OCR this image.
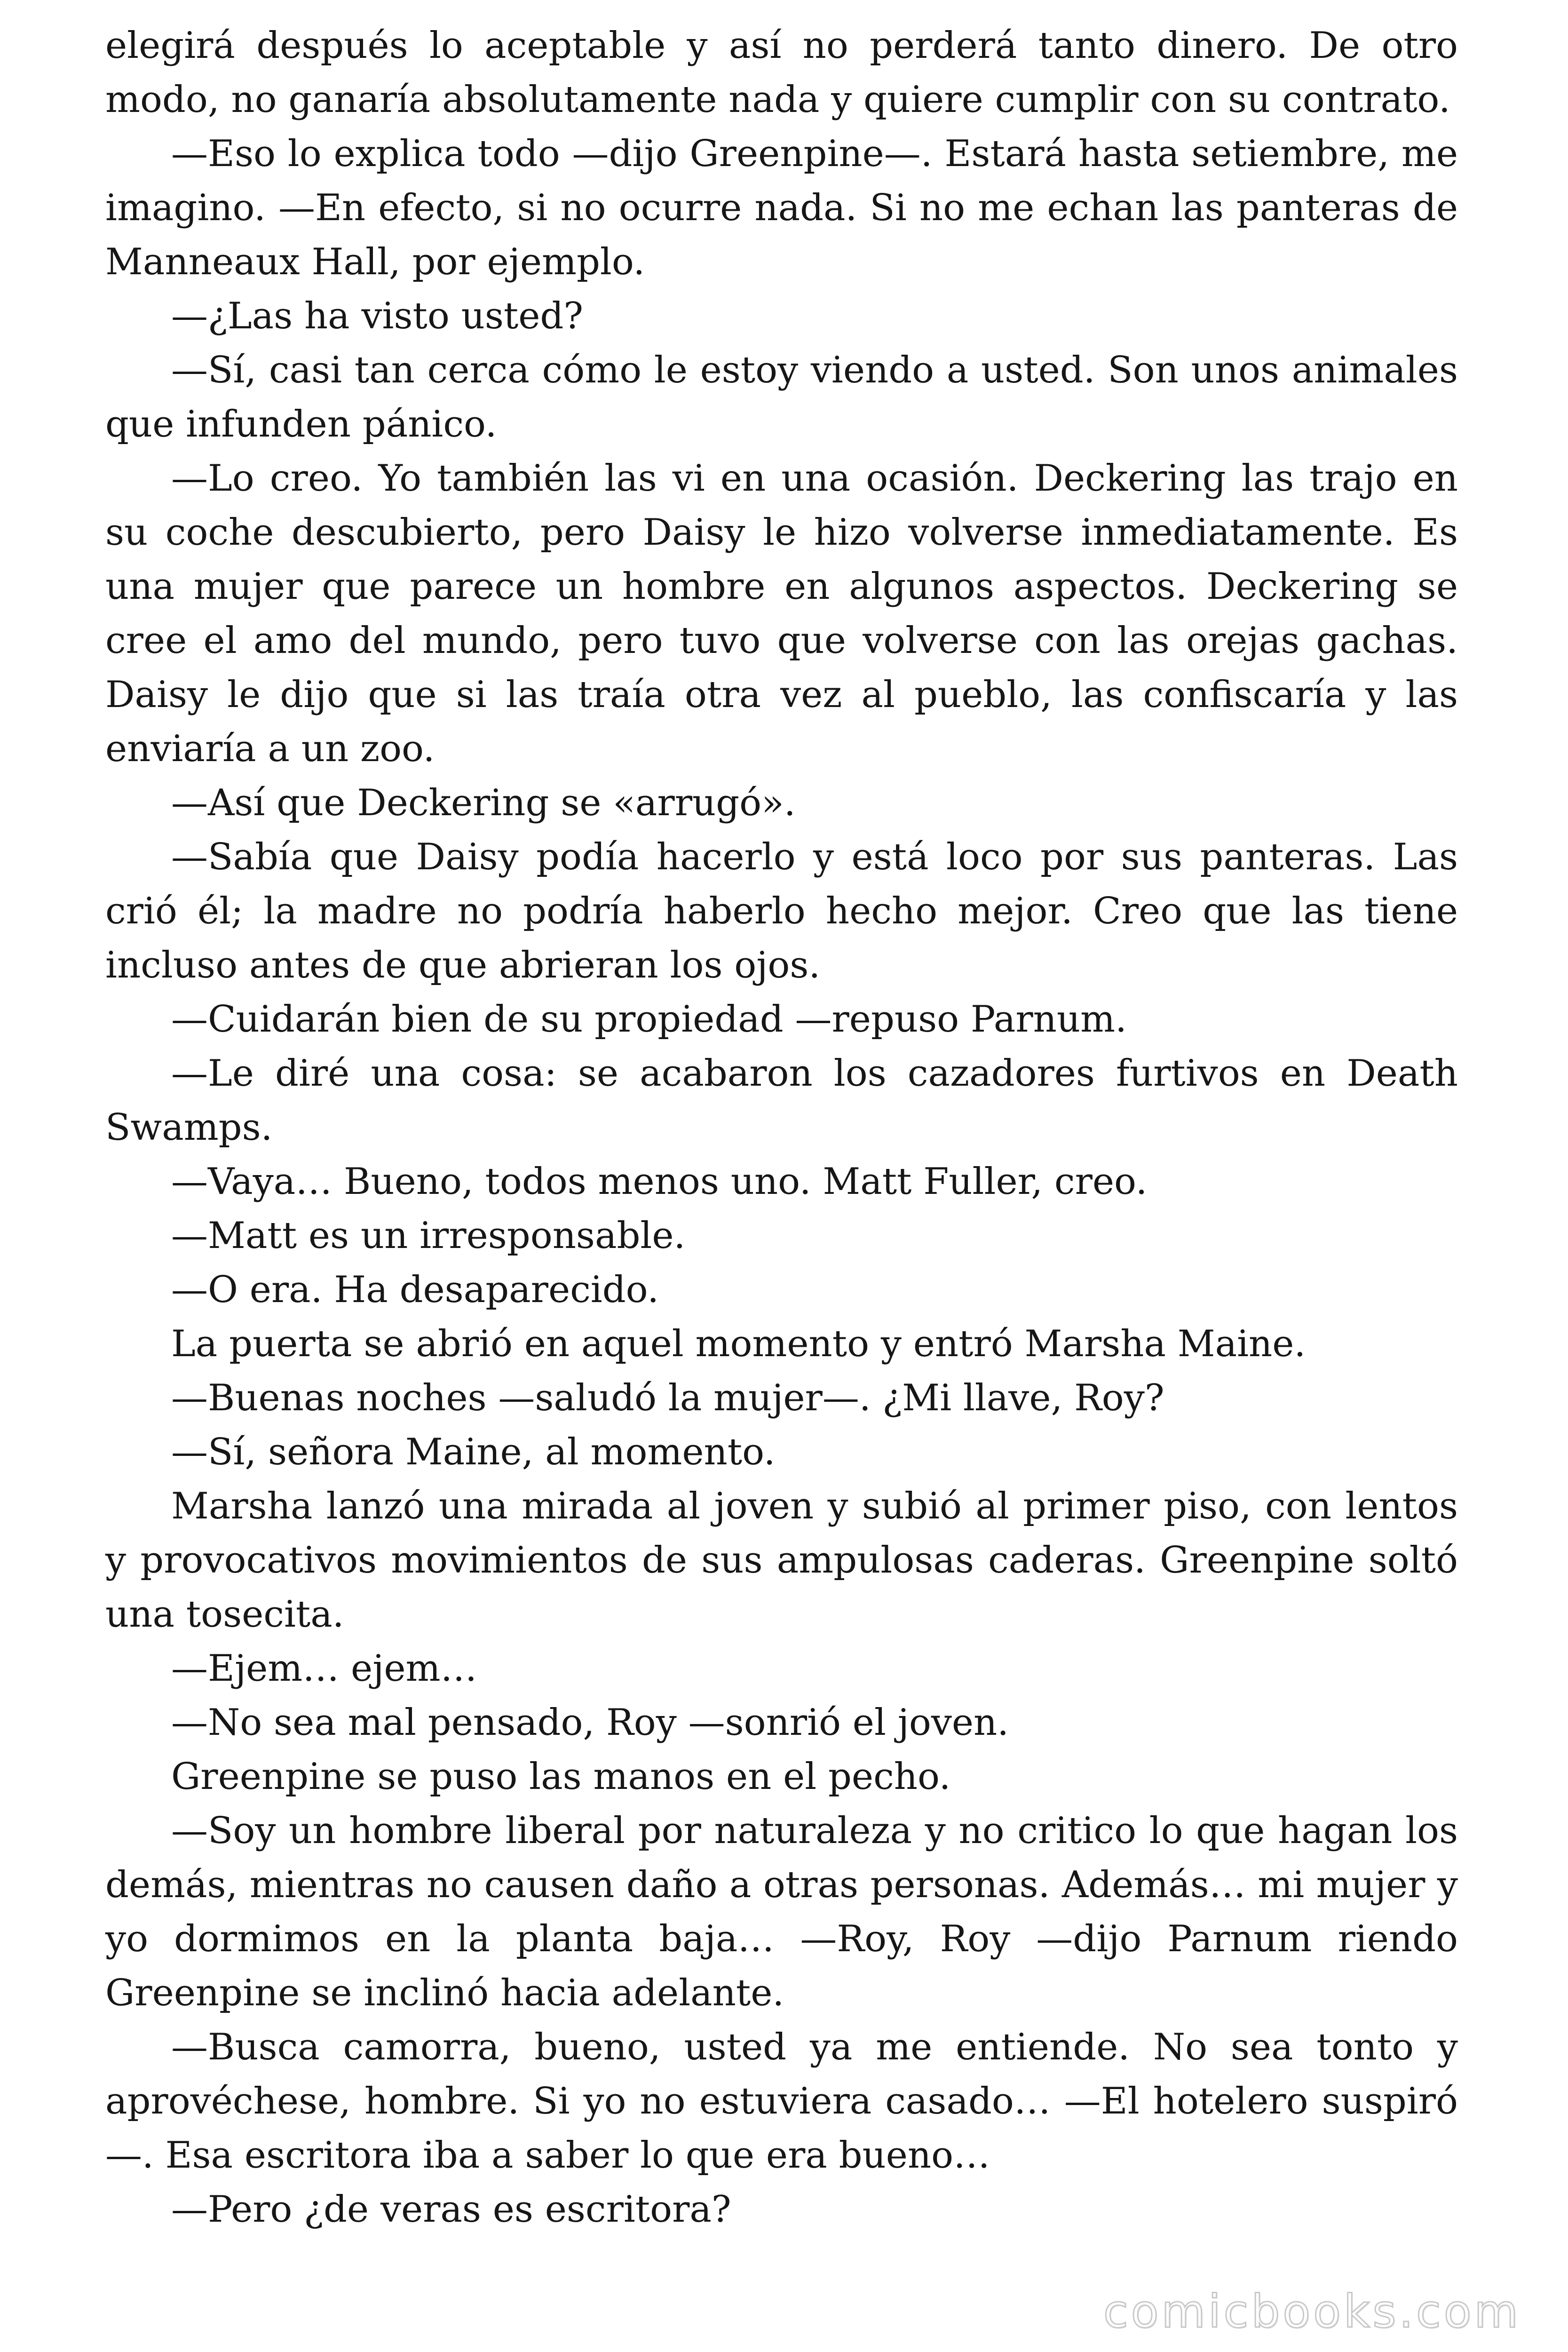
elegirá después lo aceptable y así no perderá tanto dinero. De otro modo, no ganaría absolutamente nada y quiere cumplir con su contrato.

—Eso lo explica todo —dijo Greenpine—. Estará hasta setiembre, me imagino. —En efecto, si no ocurre nada. Si no me echan las panteras de Manneaux Hall, por ejemplo.

—¿Las ha visto usted?

—Sí, casi tan cerca cómo le estoy viendo a usted. Son unos animales que infunden pánico.

—Lo creo. Yo también las vi en una ocasión. Deckering las trajo en su coche descubierto, pero Daisy le hizo volverse inmediatamente. Es una mujer que parece un hombre en algunos aspectos. Deckering se cree el amo del mundo, pero tuvo que volverse con las orejas gachas. Daisy le dijo que si las traía otra vez al pueblo, las confiscaría y las enviaría a un zoo.

—Así que Deckering se «arrugó».

—Sabía que Daisy podía hacerlo y está loco por sus panteras. Las crió él; la madre no podría haberlo hecho mejor. Creo que las tiene incluso antes de que abrieran los ojos.

—Cuidarán bien de su propiedad —repuso Parnum.

—Le diré una cosa: se acabaron los cazadores furtivos en Death Swamps.

—Vaya… Bueno, todos menos uno. Matt Fuller, creo.

—Matt es un irresponsable.

—O era. Ha desaparecido.

La puerta se abrió en aquel momento y entró Marsha Maine.

—Buenas noches —saludó la mujer—. ¿Mi llave, Roy?

—Sí, señora Maine, al momento.

Marsha lanzó una mirada al joven y subió al primer piso, con lentos y provocativos movimientos de sus ampulosas caderas. Greenpine soltó una tosecita.

—Ejem… ejem…

—No sea mal pensado, Roy —sonrió el joven.

Greenpine se puso las manos en el pecho.

—Soy un hombre liberal por naturaleza y no critico lo que hagan los demás, mientras no causen daño a otras personas. Además… mi mujer y yo dormimos en la planta baja… —Roy, Roy —dijo Parnum riendo Greenpine se inclinó hacia adelante.

—Busca camorra, bueno, usted ya me entiende. No sea tonto y aprovéchese, hombre. Si yo no estuviera casado… —El hotelero suspiró—. Esa escritora iba a saber lo que era bueno…

—Pero ¿de veras es escritora?

comicbooks.com
